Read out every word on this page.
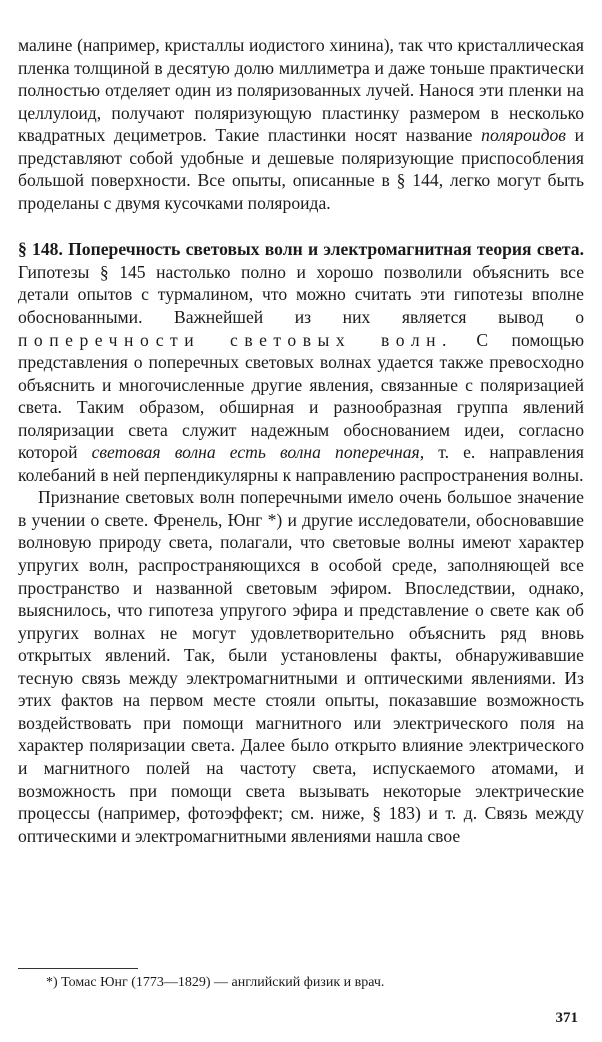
малине (например, кристаллы иодистого хинина), так что кристаллическая пленка толщиной в десятую долю миллиметра и даже тоньше практически полностью отделяет один из поляризованных лучей. Нанося эти пленки на целлулоид, получают поляризующую пластинку размером в несколько квадратных дециметров. Такие пластинки носят название поляроидов и представляют собой удобные и дешевые поляризующие приспособления большой поверхности. Все опыты, описанные в § 144, легко могут быть проделаны с двумя кусочками поляроида.

§ 148. Поперечность световых волн и электромагнитная теория света. Гипотезы § 145 настолько полно и хорошо позволили объяснить все детали опытов с турмалином, что можно считать эти гипотезы вполне обоснованными. Важнейшей из них является вывод о поперечности световых волн. С помощью представления о поперечных световых волнах удается также превосходно объяснить и многочисленные другие явления, связанные с поляризацией света. Таким образом, обширная и разнообразная группа явлений поляризации света служит надежным обоснованием идеи, согласно которой световая волна есть волна поперечная, т. е. направления колебаний в ней перпендикулярны к направлению распространения волны.

Признание световых волн поперечными имело очень большое значение в учении о свете. Френель, Юнг *) и другие исследователи, обосновавшие волновую природу света, полагали, что световые волны имеют характер упругих волн, распространяющихся в особой среде, заполняющей все пространство и названной световым эфиром. Впоследствии, однако, выяснилось, что гипотеза упругого эфира и представление о свете как об упругих волнах не могут удовлетворительно объяснить ряд вновь открытых явлений. Так, были установлены факты, обнаруживавшие тесную связь между электромагнитными и оптическими явлениями. Из этих фактов на первом месте стояли опыты, показавшие возможность воздействовать при помощи магнитного или электрического поля на характер поляризации света. Далее было открыто влияние электрического и магнитного полей на частоту света, испускаемого атомами, и возможность при помощи света вызывать некоторые электрические процессы (например, фотоэффект; см. ниже, § 183) и т. д. Связь между оптическими и электромагнитными явлениями нашла свое

*) Томас Юнг (1773—1829) — английский физик и врач.
371
